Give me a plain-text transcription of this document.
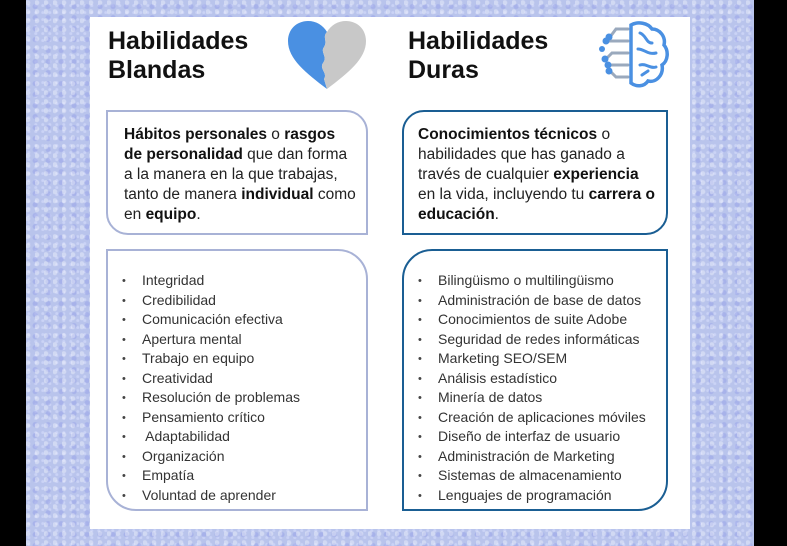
Habilidades
Blandas
Habilidades
Duras
Hábitos personales o rasgos de personalidad que dan forma a la manera en la que trabajas, tanto de manera individual como en equipo.
Conocimientos técnicos o habilidades que has ganado a través de cualquier experiencia en la vida, incluyendo tu carrera o educación.
• Integridad
• Credibilidad
• Comunicación efectiva
• Apertura mental
• Trabajo en equipo
• Creatividad
• Resolución de problemas
• Pensamiento crítico
• Adaptabilidad
• Organización
• Empatía
• Voluntad de aprender
• Bilingüismo o multilingüismo
• Administración de base de datos
• Conocimientos de suite Adobe
• Seguridad de redes informáticas
• Marketing SEO/SEM
• Análisis estadístico
• Minería de datos
• Creación de aplicaciones móviles
• Diseño de interfaz de usuario
• Administración de Marketing
• Sistemas de almacenamiento
• Lenguajes de programación
